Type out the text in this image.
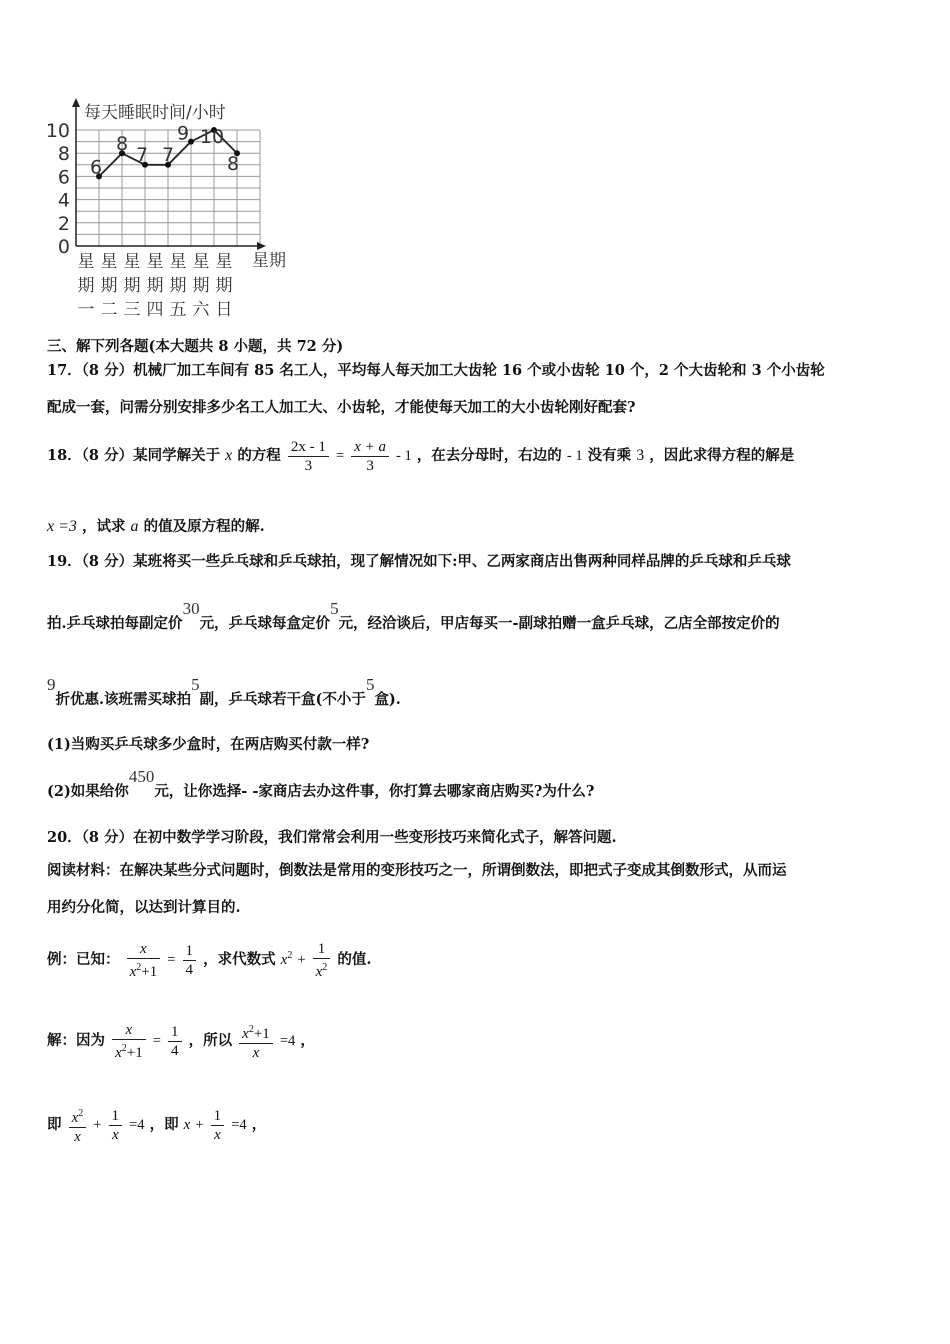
每天睡眠时间/小时
星期
0
2
4
6
8
10
星
期
一
星
期
二
星
期
三
星
期
四
星
期
五
星
期
六
星
期
日
6
8 7 7
9 10
8
三、解下列各题(本大题共 8 小题，共 72 分)
17．（8 分）机械厂加工车间有 85 名工人，平均每人每天加工大齿轮 16 个或小齿轮 10 个，2 个大齿轮和 3 个小齿轮
配成一套，问需分别安排多少名工人加工大、小齿轮，才能使每天加工的大小齿轮刚好配套?
18．（8 分）某同学解关于 x 的方程 $\frac{2x - 1}{3} = \frac{x + a}{3} - 1$ ，在去分母时，右边的 - 1 没有乘 3 ，因此求得方程的解是
x =3 ，试求 a 的值及原方程的解.
19．（8 分）某班将买一些乒乓球和乒乓球拍，现了解情况如下:甲、乙两家商店出售两种同样品牌的乒乓球和乒乓球
拍.乒乓球拍每副定价30元，乒乓球每盒定价5元，经洽谈后，甲店每买一-副球拍赠一盒乒乓球，乙店全部按定价的
9折优惠.该班需买球拍5副，乒乓球若干盒(不小于5盒).
(1)当购买乒乓球多少盒时，在两店购买付款一样?
(2)如果给你450元，让你选择- -家商店去办这件事，你打算去哪家商店购买?为什么?
20．（8 分）在初中数学学习阶段，我们常常会利用一些变形技巧来简化式子，解答问题.
阅读材料：在解决某些分式问题时，倒数法是常用的变形技巧之一，所谓倒数法，即把式子变成其倒数形式，从而运
用约分化简，以达到计算目的.
例：已知： $\frac{x}{x^2+1} = \frac{1}{4}$ ，求代数式 $x^2 + \frac{1}{x^2}$ 的值.
解：因为 $\frac{x}{x^2+1} = \frac{1}{4}$ ，所以 $\frac{x^2+1}{x} =4$ ，
即 $\frac{x^2}{x} + \frac{1}{x} =4$ ，即 $x + \frac{1}{x} =4$ ，
